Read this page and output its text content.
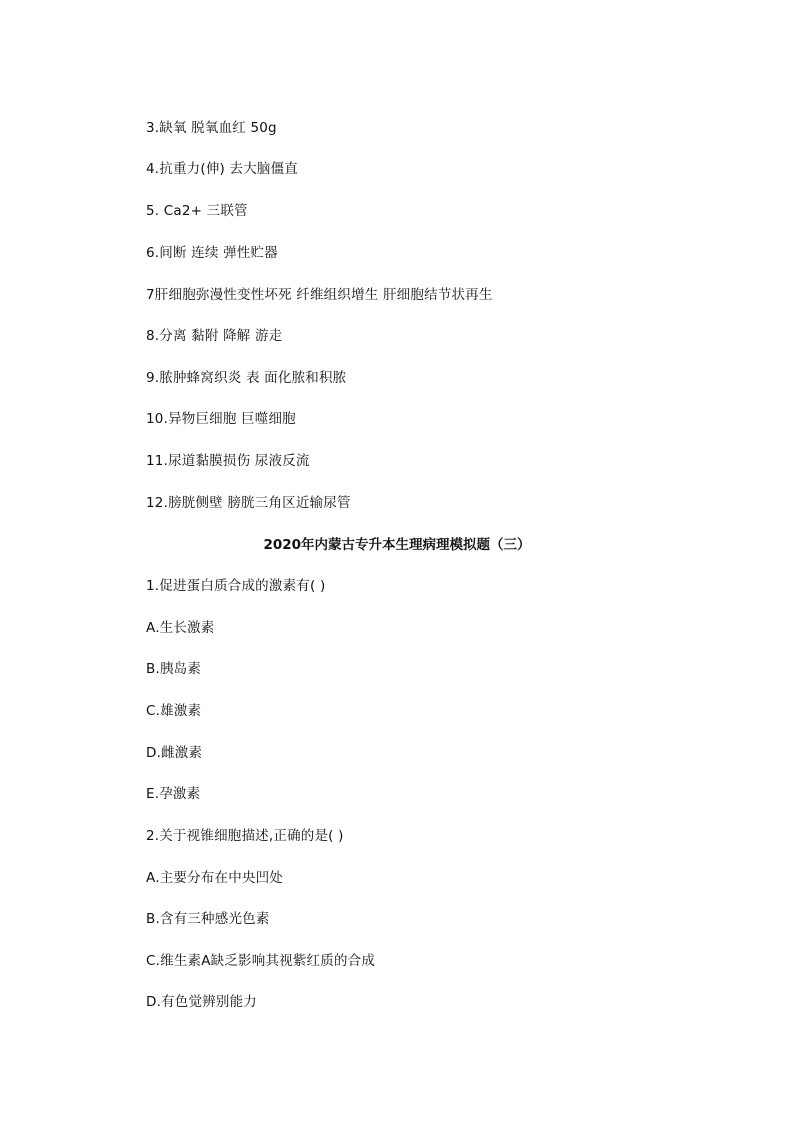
3.缺氧 脱氧血红 50g
4.抗重力(伸) 去大脑僵直
5. Ca2+ 三联管
6.间断 连续 弹性贮器
7肝细胞弥漫性变性坏死 纤维组织增生 肝细胞结节状再生
8.分离 黏附 降解 游走
9.脓肿蜂窝织炎 表 面化脓和积脓
10.异物巨细胞 巨噬细胞
11.尿道黏膜损伤 尿液反流
12.膀胱侧壁 膀胱三角区近输尿管
2020年内蒙古专升本生理病理模拟题（三）
1.促进蛋白质合成的激素有( )
A.生长激素
B.胰岛素
C.雄激素
D.雌激素
E.孕激素
2.关于视锥细胞描述,正确的是( )
A.主要分布在中央凹处
B.含有三种感光色素
C.维生素A缺乏影响其视紫红质的合成
D.有色觉辨别能力
